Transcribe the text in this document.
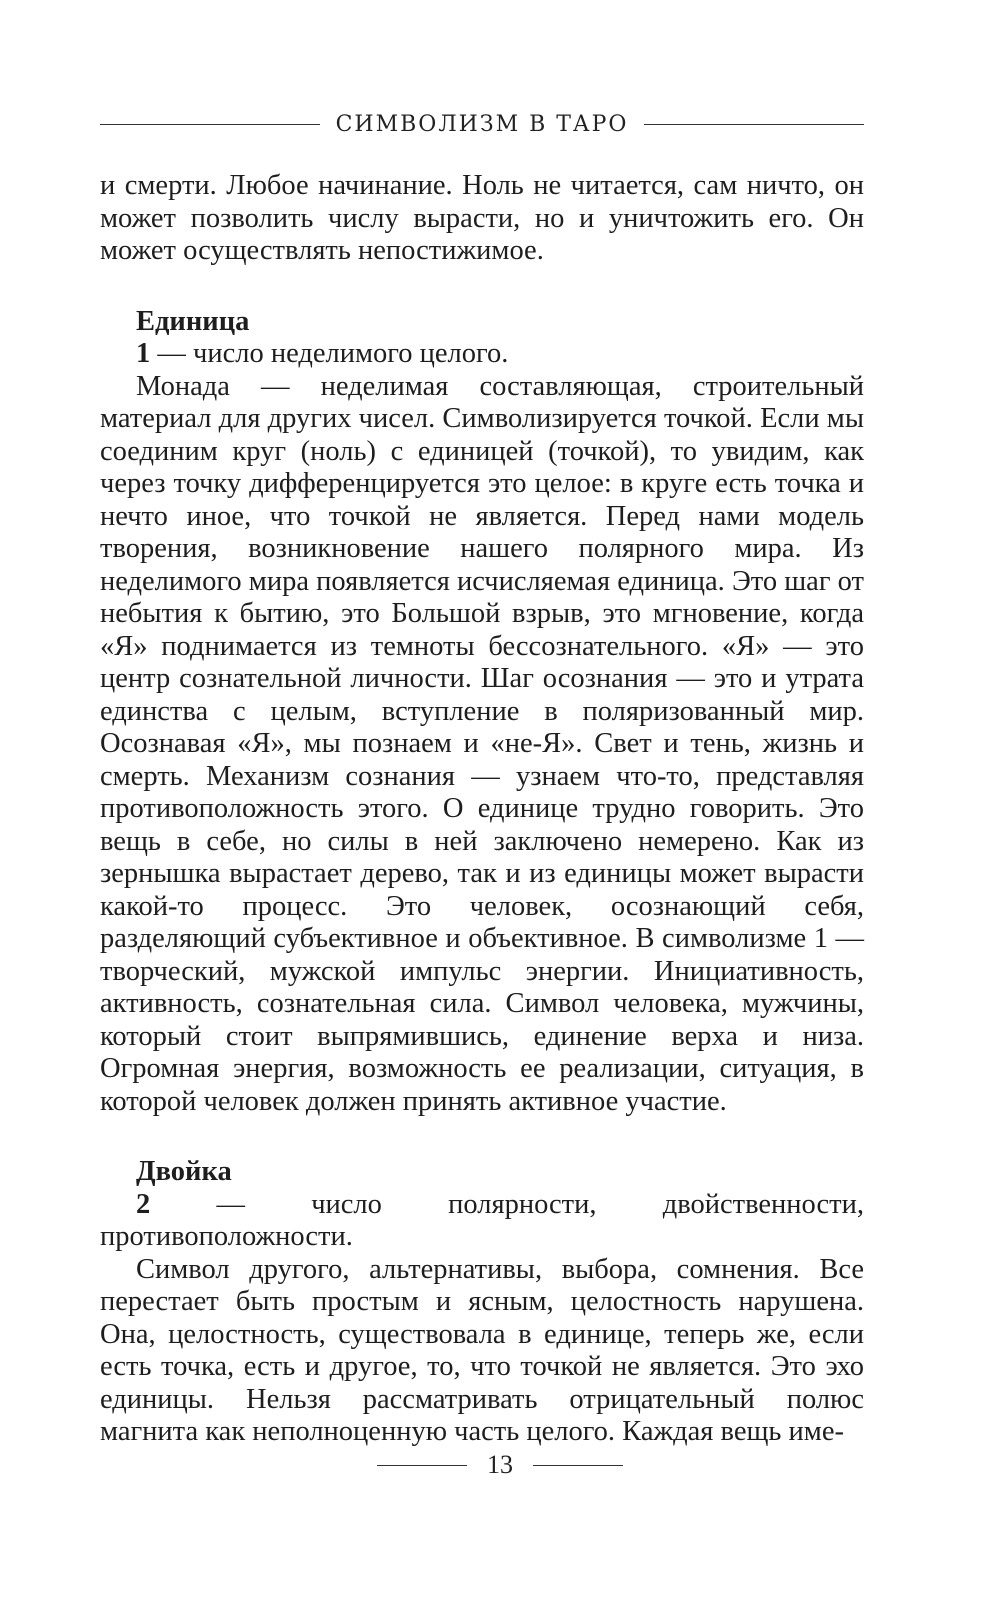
СИМВОЛИЗМ В ТАРО

и смерти. Любое начинание. Ноль не читается, сам ничто, он может позволить числу вырасти, но и уничтожить его. Он может осуществлять непостижимое.

Единица

1 — число неделимого целого.

Монада — неделимая составляющая, строительный материал для других чисел. Символизируется точкой. Если мы соединим круг (ноль) с единицей (точкой), то увидим, как через точку дифференцируется это целое: в круге есть точка и нечто иное, что точкой не является. Перед нами модель творения, возникновение нашего полярного мира. Из неделимого мира появляется исчисляемая единица. Это шаг от небытия к бытию, это Большой взрыв, это мгновение, когда «Я» поднимается из темноты бессознательного. «Я» — это центр сознательной личности. Шаг осознания — это и утрата единства с целым, вступление в поляризованный мир. Осознавая «Я», мы познаем и «не-Я». Свет и тень, жизнь и смерть. Механизм сознания — узнаем что-то, представляя противоположность этого. О единице трудно говорить. Это вещь в себе, но силы в ней заключено немерено. Как из зернышка вырастает дерево, так и из единицы может вырасти какой-то процесс. Это человек, осознающий себя, разделяющий субъективное и объективное. В символизме 1 — творческий, мужской импульс энергии. Инициативность, активность, сознательная сила. Символ человека, мужчины, который стоит выпрямившись, единение верха и низа. Огромная энергия, возможность ее реализации, ситуация, в которой человек должен принять активное участие.

Двойка

2 — число полярности, двойственности, противоположности.

Символ другого, альтернативы, выбора, сомнения. Все перестает быть простым и ясным, целостность нарушена. Она, целостность, существовала в единице, теперь же, если есть точка, есть и другое, то, что точкой не является. Это эхо единицы. Нельзя рассматривать отрицательный полюс магнита как неполноценную часть целого. Каждая вещь име-

13
